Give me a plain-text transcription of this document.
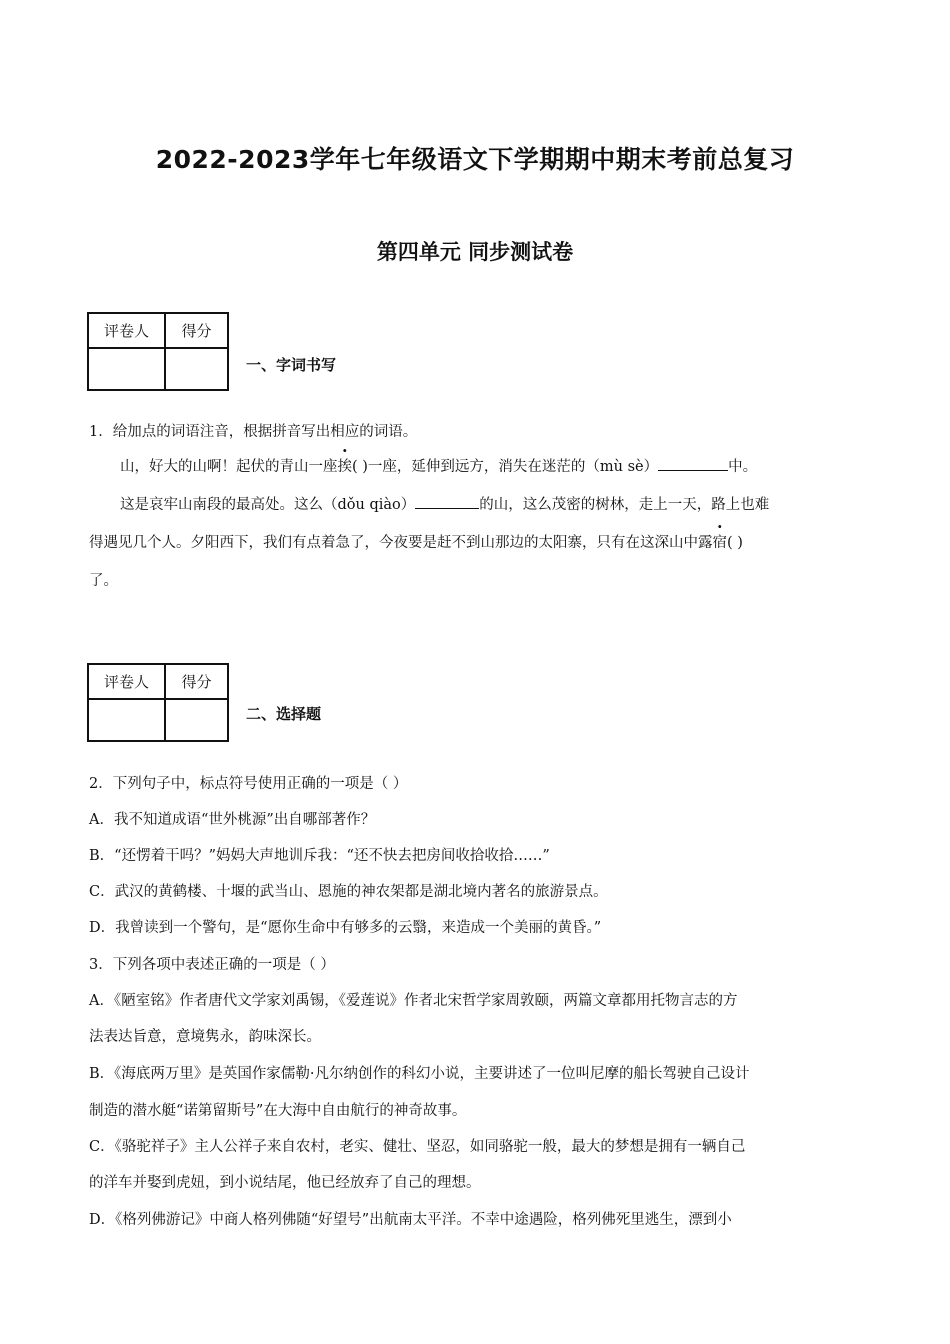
2022-2023学年七年级语文下学期期中期末考前总复习
第四单元 同步测试卷
评卷人	得分

一、字词书写
1．给加点的词语注音，根据拼音写出相应的词语。
山，好大的山啊！起伏的青山一座挨( )一座，延伸到远方，消失在迷茫的（mù sè）	中。
这是哀牢山南段的最高处。这么（dǒu qiào）	的山，这么茂密的树林，走上一天，路上也难
得遇见几个人。夕阳西下，我们有点着急了，今夜要是赶不到山那边的太阳寨，只有在这深山中露宿( )
了。
评卷人	得分

二、选择题
2．下列句子中，标点符号使用正确的一项是（ ）
A．我不知道成语“世外桃源”出自哪部著作？
B．“还愣着干吗？”妈妈大声地训斥我：“还不快去把房间收拾收拾……”
C．武汉的黄鹤楼、十堰的武当山、恩施的神农架都是湖北境内著名的旅游景点。
D．我曾读到一个警句，是“愿你生命中有够多的云翳，来造成一个美丽的黄昏。”
3．下列各项中表述正确的一项是（ ）
A．《陋室铭》作者唐代文学家刘禹锡，《爱莲说》作者北宋哲学家周敦颐，两篇文章都用托物言志的方
法表达旨意，意境隽永，韵味深长。
B．《海底两万里》是英国作家儒勒·凡尔纳创作的科幻小说，主要讲述了一位叫尼摩的船长驾驶自己设计
制造的潜水艇“诺第留斯号”在大海中自由航行的神奇故事。
C．《骆驼祥子》主人公祥子来自农村，老实、健壮、坚忍，如同骆驼一般，最大的梦想是拥有一辆自己
的洋车并娶到虎妞，到小说结尾，他已经放弃了自己的理想。
D．《格列佛游记》中商人格列佛随“好望号”出航南太平洋。不幸中途遇险，格列佛死里逃生，漂到小
